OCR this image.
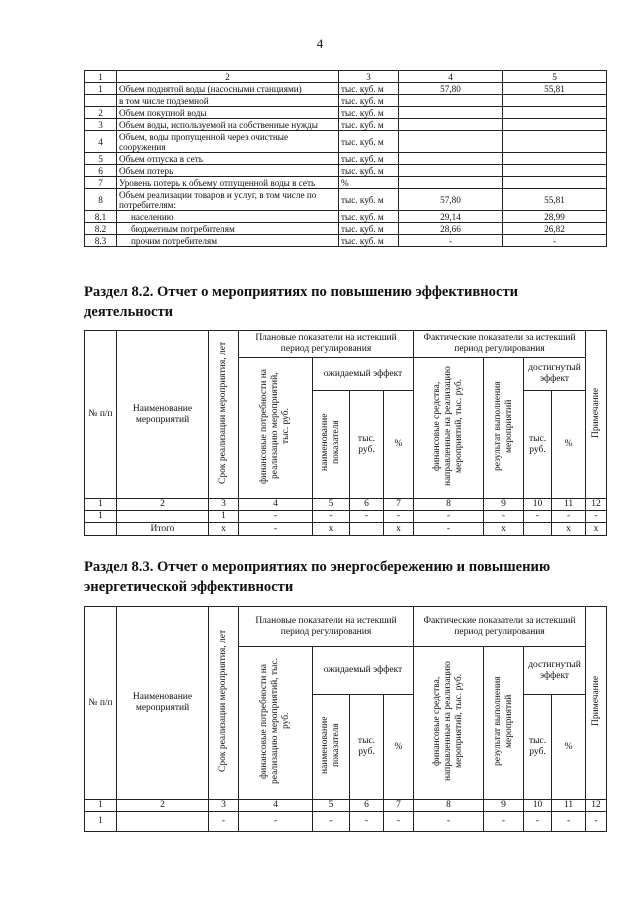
4
1	2	3	4	5
1	Объем поднятой воды (насосными станциями)	тыс. куб. м	57,80	55,81
	в том числе подземной	тыс. куб. м		
2	Объем покупной воды	тыс. куб. м		
3	Объем воды, используемой на собственные нужды	тыс. куб. м		
4	Объем, воды пропущенной через очистные сооружения	тыс. куб. м		
5	Объем отпуска в сеть	тыс. куб. м		
6	Объем потерь	тыс. куб. м		
7	Уровень потерь к объему отпущенной воды в сеть	%		
8	Объем реализации товаров и услуг, в том числе по потребителям:	тыс. куб. м	57,80	55,81
8.1	населению	тыс. куб. м	29,14	28,99
8.2	бюджетным потребителям	тыс. куб. м	28,66	26,82
8.3	прочим потребителям	тыс. куб. м	-	-
Раздел 8.2. Отчет о мероприятиях по повышению эффективности деятельности
№ п/п	Наименование мероприятий	Срок реализации мероприятия, лет	Плановые показатели на истекший период регулирования				Фактические показатели за истекший период регулирования				Примечание
			финансовые потребности на реализацию мероприятий, тыс. руб.	ожидаемый эффект			финансовые средства, направленные на реализацию мероприятий, тыс. руб.	результат выполнения мероприятий	достигнутый эффект		
				наименование показателя	тыс. руб.	%			тыс. руб.	%	
1	2	3	4	5	6	7	8	9	10	11	12
1		1	-	-	-	-	-	-	-	-	-
	Итого	x	-	x		x	-	x		x	x
Раздел 8.3. Отчет о мероприятиях по энергосбережению и повышению энергетической эффективности
№ п/п	Наименование мероприятий	Срок реализации мероприятия, лет	Плановые показатели на истекший период регулирования				Фактические показатели за истекший период регулирования				Примечание
			финансовые потребности на реализацию мероприятий, тыс. руб.	ожидаемый эффект			финансовые средства, направленные на реализацию мероприятий, тыс. руб.	результат выполнения мероприятий	достигнутый эффект		
				наименование показателя	тыс. руб.	%			тыс. руб.	%	
1	2	3	4	5	6	7	8	9	10	11	12
1		-	-	-	-	-	-	-	-	-	-
